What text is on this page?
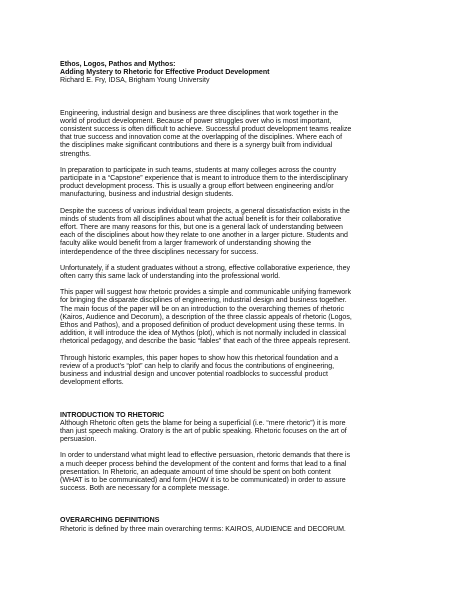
Ethos, Logos, Pathos and Mythos:

Adding Mystery to Rhetoric for Effective Product Development

Richard E. Fry, IDSA, Brigham Young University

Engineering, industrial design and business are three disciplines that work together in the
world of product development. Because of power struggles over who is most important,
consistent success is often difficult to achieve. Successful product development teams realize
that true success and innovation come at the overlapping of the disciplines. Where each of
the disciplines make significant contributions and there is a synergy built from individual
strengths.
In preparation to participate in such teams, students at many colleges across the country
participate in a “Capstone” experience that is meant to introduce them to the interdisciplinary
product development process. This is usually a group effort between engineering and/or
manufacturing, business and industrial design students.
Despite the success of various individual team projects, a general dissatisfaction exists in the
minds of students from all disciplines about what the actual benefit is for their collaborative
effort. There are many reasons for this, but one is a general lack of understanding between
each of the disciplines about how they relate to one another in a larger picture. Students and
faculty alike would benefit from a larger framework of understanding showing the
interdependence of the three disciplines necessary for success.
Unfortunately, if a student graduates without a strong, effective collaborative experience, they
often carry this same lack of understanding into the professional world.
This paper will suggest how rhetoric provides a simple and communicable unifying framework
for bringing the disparate disciplines of engineering, industrial design and business together.
The main focus of the paper will be on an introduction to the overarching themes of rhetoric
(Kairos, Audience and Decorum), a description of the three classic appeals of rhetoric (Logos,
Ethos and Pathos), and a proposed definition of product development using these terms. In
addition, it will introduce the idea of Mythos (plot), which is not normally included in classical
rhetorical pedagogy, and describe the basic “fables” that each of the three appeals represent.
Through historic examples, this paper hopes to show how this rhetorical foundation and a
review of a product’s “plot” can help to clarify and focus the contributions of engineering,
business and industrial design and uncover potential roadblocks to successful product
development efforts.

INTRODUCTION TO RHETORIC

Although Rhetoric often gets the blame for being a superficial (i.e. “mere rhetoric”) it is more
than just speech making. Oratory is the art of public speaking. Rhetoric focuses on the art of
persuasion.
In order to understand what might lead to effective persuasion, rhetoric demands that there is
a much deeper process behind the development of the content and forms that lead to a final
presentation. In Rhetoric, an adequate amount of time should be spent on both content
(WHAT is to be communicated) and form (HOW it is to be communicated) in order to assure
success. Both are necessary for a complete message.

OVERARCHING DEFINITIONS

Rhetoric is defined by three main overarching terms: KAIROS, AUDIENCE and DECORUM.
